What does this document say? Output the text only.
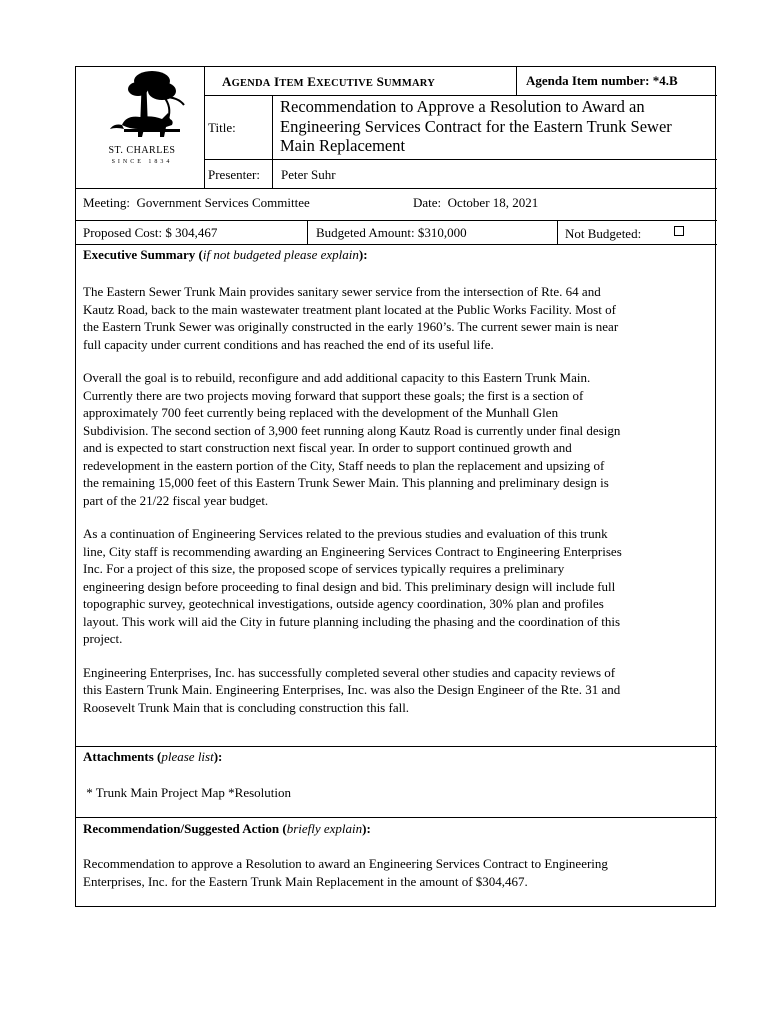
ST. CHARLES
SINCE 1834
AGENDA ITEM EXECUTIVE SUMMARY	Agenda Item number: *4.B
Title:
Recommendation to Approve a Resolution to Award an Engineering Services Contract for the Eastern Trunk Sewer Main Replacement
Presenter: Peter Suhr
Meeting: Government Services Committee	Date: October 18, 2021
Proposed Cost: $ 304,467	Budgeted Amount: $310,000	Not Budgeted:
Executive Summary (if not budgeted please explain):

The Eastern Sewer Trunk Main provides sanitary sewer service from the intersection of Rte. 64 and
Kautz Road, back to the main wastewater treatment plant located at the Public Works Facility. Most of
the Eastern Trunk Sewer was originally constructed in the early 1960’s. The current sewer main is near
full capacity under current conditions and has reached the end of its useful life.

Overall the goal is to rebuild, reconfigure and add additional capacity to this Eastern Trunk Main.
Currently there are two projects moving forward that support these goals; the first is a section of
approximately 700 feet currently being replaced with the development of the Munhall Glen
Subdivision. The second section of 3,900 feet running along Kautz Road is currently under final design
and is expected to start construction next fiscal year. In order to support continued growth and
redevelopment in the eastern portion of the City, Staff needs to plan the replacement and upsizing of
the remaining 15,000 feet of this Eastern Trunk Sewer Main. This planning and preliminary design is
part of the 21/22 fiscal year budget.

As a continuation of Engineering Services related to the previous studies and evaluation of this trunk
line, City staff is recommending awarding an Engineering Services Contract to Engineering Enterprises
Inc. For a project of this size, the proposed scope of services typically requires a preliminary
engineering design before proceeding to final design and bid. This preliminary design will include full
topographic survey, geotechnical investigations, outside agency coordination, 30% plan and profiles
layout. This work will aid the City in future planning including the phasing and the coordination of this
project.

Engineering Enterprises, Inc. has successfully completed several other studies and capacity reviews of
this Eastern Trunk Main. Engineering Enterprises, Inc. was also the Design Engineer of the Rte. 31 and
Roosevelt Trunk Main that is concluding construction this fall.

Attachments (please list):
* Trunk Main Project Map *Resolution
Recommendation/Suggested Action (briefly explain):
Recommendation to approve a Resolution to award an Engineering Services Contract to Engineering
Enterprises, Inc. for the Eastern Trunk Main Replacement in the amount of $304,467.
